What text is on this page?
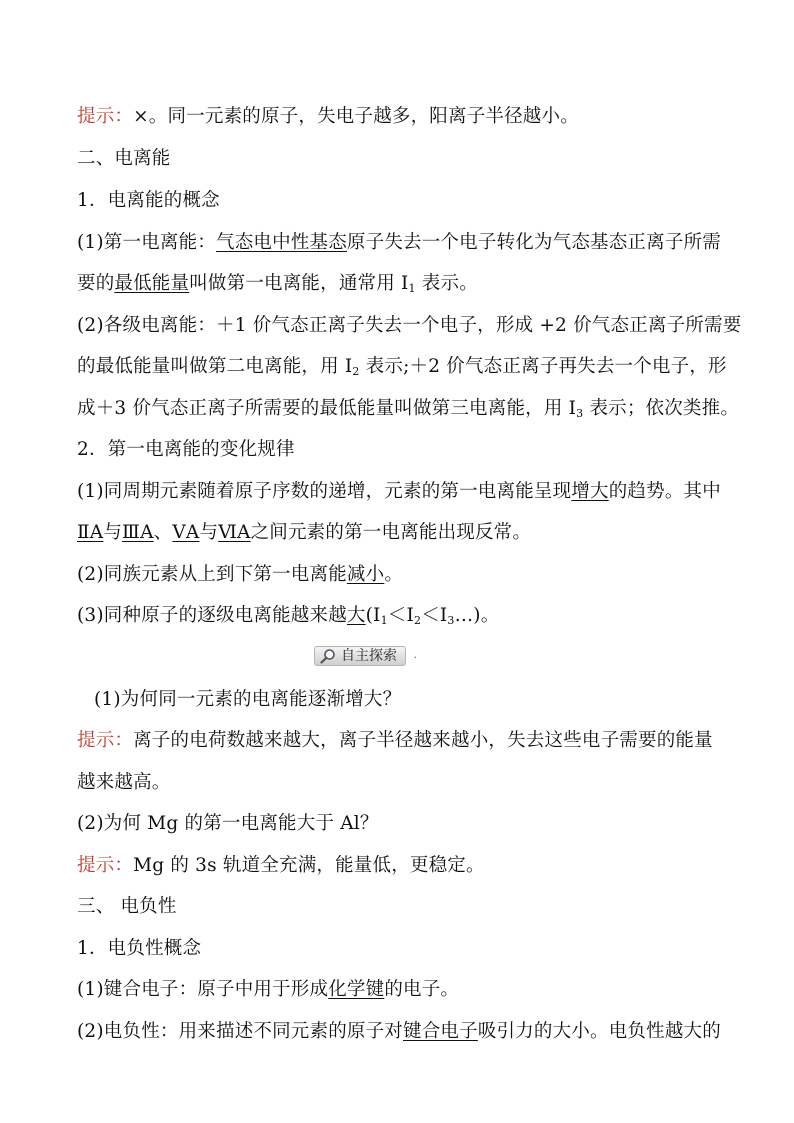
提示：×。同一元素的原子，失电子越多，阳离子半径越小。
二、电离能
1．电离能的概念
(1)第一电离能：气态电中性基态原子失去一个电子转化为气态基态正离子所需
要的最低能量叫做第一电离能，通常用 $I_1$ 表示。
(2)各级电离能：＋1 价气态正离子失去一个电子，形成 +2 价气态正离子所需要
的最低能量叫做第二电离能，用 $I_2$ 表示;＋2 价气态正离子再失去一个电子，形
成＋3 价气态正离子所需要的最低能量叫做第三电离能，用 $I_3$ 表示；依次类推。
2．第一电离能的变化规律
(1)同周期元素随着原子序数的递增，元素的第一电离能呈现增大的趋势。其中
ⅡA与ⅢA、ⅤA与ⅥA之间元素的第一电离能出现反常。
(2)同族元素从上到下第一电离能减小。
(3)同种原子的逐级电离能越来越大$(I_1<I_2<I_3\dots)$。
自主探索	⠠
(1)为何同一元素的电离能逐渐增大？
提示：离子的电荷数越来越大，离子半径越来越小，失去这些电子需要的能量
越来越高。
(2)为何 Mg 的第一电离能大于 Al？
提示：Mg 的 3s 轨道全充满，能量低，更稳定。
三、 电负性
1．电负性概念
(1)键合电子：原子中用于形成化学键的电子。
(2)电负性：用来描述不同元素的原子对键合电子吸引力的大小。电负性越大的
